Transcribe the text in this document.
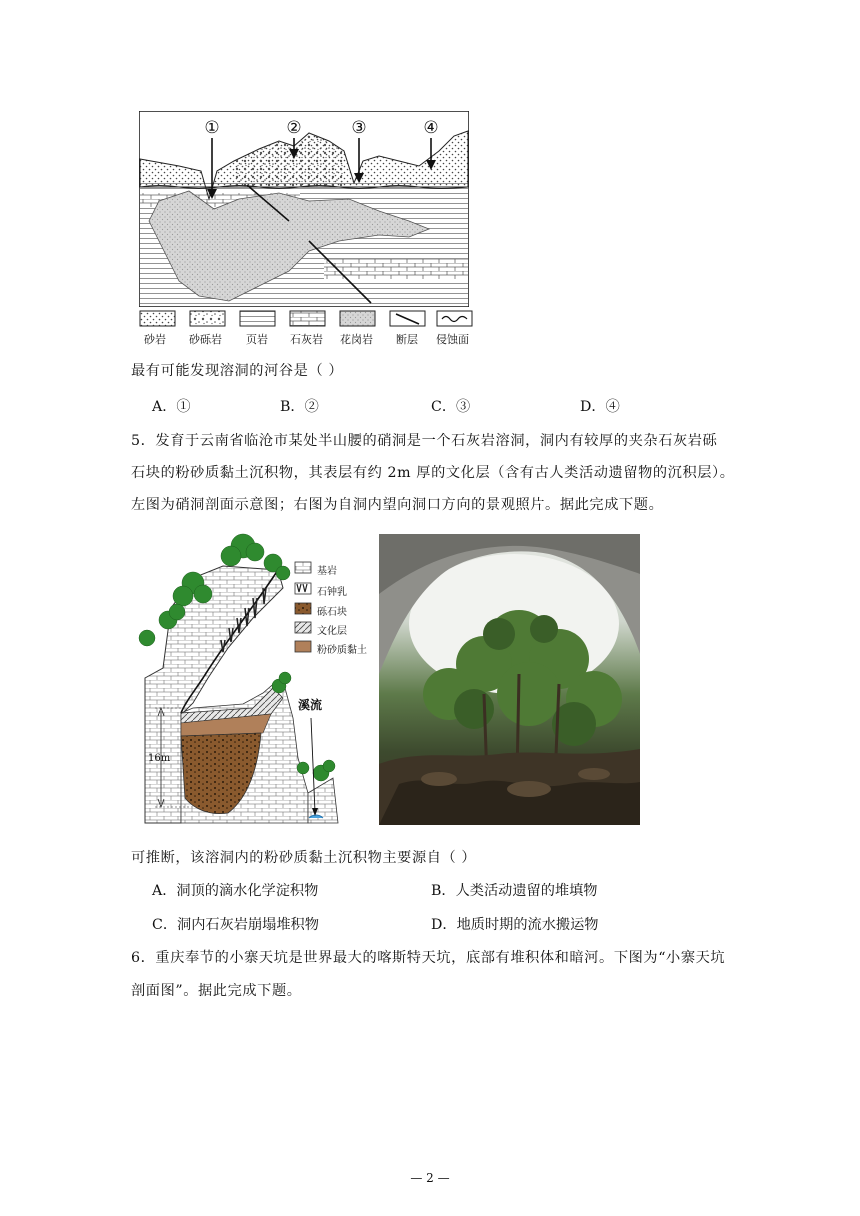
①	②	③	④
砂岩 砂砾岩 页岩 石灰岩 花岗岩 断层 侵蚀面
最有可能发现溶洞的河谷是（ ）
A．①	B．②	C．③	D．④
5．发育于云南省临沧市某处半山腰的硝洞是一个石灰岩溶洞，洞内有较厚的夹杂石灰岩砾
石块的粉砂质黏土沉积物，其表层有约 2m 厚的文化层（含有古人类活动遗留物的沉积层）。
左图为硝洞剖面示意图；右图为自洞内望向洞口方向的景观照片。据此完成下题。
基岩
石钟乳
砾石块
文化层
粉砂质黏土
溪流
16m
可推断，该溶洞内的粉砂质黏土沉积物主要源自（ ）
A．洞顶的滴水化学淀积物	B．人类活动遗留的堆填物
C．洞内石灰岩崩塌堆积物	D．地质时期的流水搬运物
6．重庆奉节的小寨天坑是世界最大的喀斯特天坑，底部有堆积体和暗河。下图为“小寨天坑
剖面图”。据此完成下题。
— 2 —
